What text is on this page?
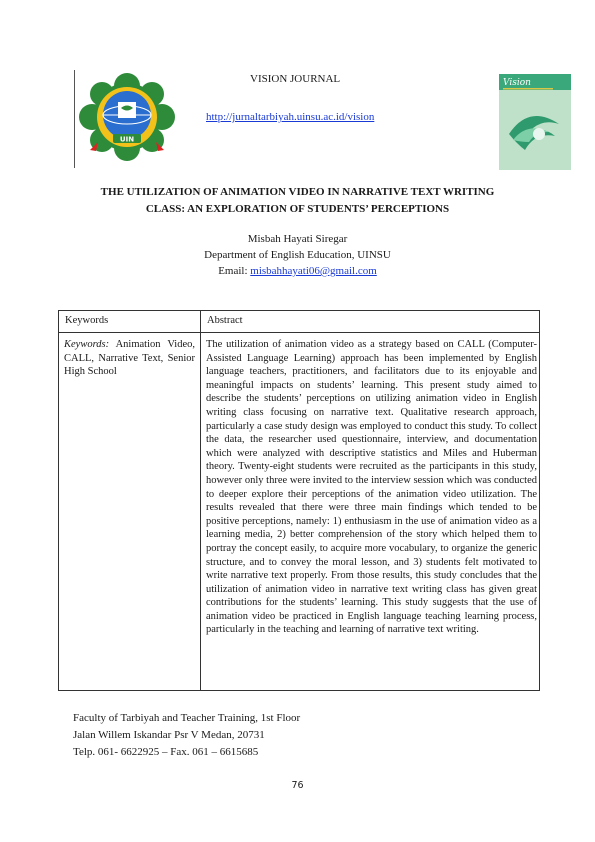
UIN
VISION JOURNAL
http://jurnaltarbiyah.uinsu.ac.id/vision
Vision
THE UTILIZATION OF ANIMATION VIDEO IN NARRATIVE TEXT WRITING
CLASS: AN EXPLORATION OF STUDENTS’ PERCEPTIONS
Misbah Hayati Siregar
Department of English Education, UINSU
Email: misbahhayati06@gmail.com
Keywords	Abstract
Keywords: Animation Video, CALL, Narrative Text, Senior High School
The utilization of animation video as a strategy based on CALL (Computer-Assisted Language Learning) approach has been implemented by English language teachers, practitioners, and facilitators due to its enjoyable and meaningful impacts on students’ learning. This present study aimed to describe the students’ perceptions on utilizing animation video in English writing class focusing on narrative text. Qualitative research approach, particularly a case study design was employed to conduct this study. To collect the data, the researcher used questionnaire, interview, and documentation which were analyzed with descriptive statistics and Miles and Huberman theory. Twenty-eight students were recruited as the participants in this study, however only three were invited to the interview session which was conducted to deeper explore their perceptions of the animation video utilization. The results revealed that there were three main findings which tended to be positive perceptions, namely: 1) enthusiasm in the use of animation video as a learning media, 2) better comprehension of the story which helped them to portray the concept easily, to acquire more vocabulary, to organize the generic structure, and to convey the moral lesson, and 3) students felt motivated to write narrative text properly. From those results, this study concludes that the utilization of animation video in narrative text writing class has given great contributions for the students’ learning. This study suggests that the use of animation video be practiced in English language teaching learning process, particularly in the teaching and learning of narrative text writing.
Faculty of Tarbiyah and Teacher Training, 1st Floor
Jalan Willem Iskandar Psr V Medan, 20731
Telp. 061- 6622925 – Fax. 061 – 6615685
76
